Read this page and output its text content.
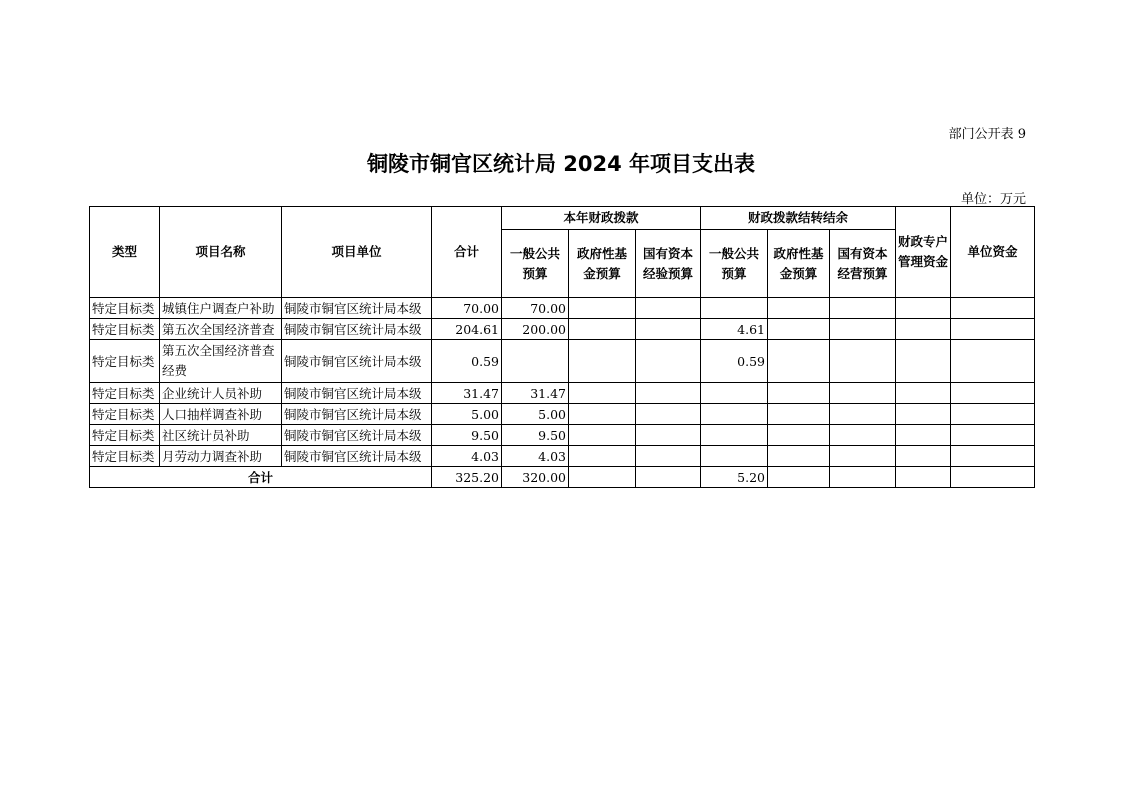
部门公开表 9
铜陵市铜官区统计局 2024 年项目支出表
单位：万元
类型	项目名称	项目单位	合计	本年财政拨款			财政拨款结转结余			财政专户管理资金	单位资金
				一般公共预算	政府性基金预算	国有资本经验预算	一般公共预算	政府性基金预算	国有资本经营预算		
特定目标类	城镇住户调查户补助	铜陵市铜官区统计局本级	70.00	70.00							
特定目标类	第五次全国经济普查	铜陵市铜官区统计局本级	204.61	200.00			4.61				
特定目标类	第五次全国经济普查经费	铜陵市铜官区统计局本级	0.59				0.59				
特定目标类	企业统计人员补助	铜陵市铜官区统计局本级	31.47	31.47							
特定目标类	人口抽样调查补助	铜陵市铜官区统计局本级	5.00	5.00							
特定目标类	社区统计员补助	铜陵市铜官区统计局本级	9.50	9.50							
特定目标类	月劳动力调查补助	铜陵市铜官区统计局本级	4.03	4.03							
合计			325.20	320.00			5.20				
